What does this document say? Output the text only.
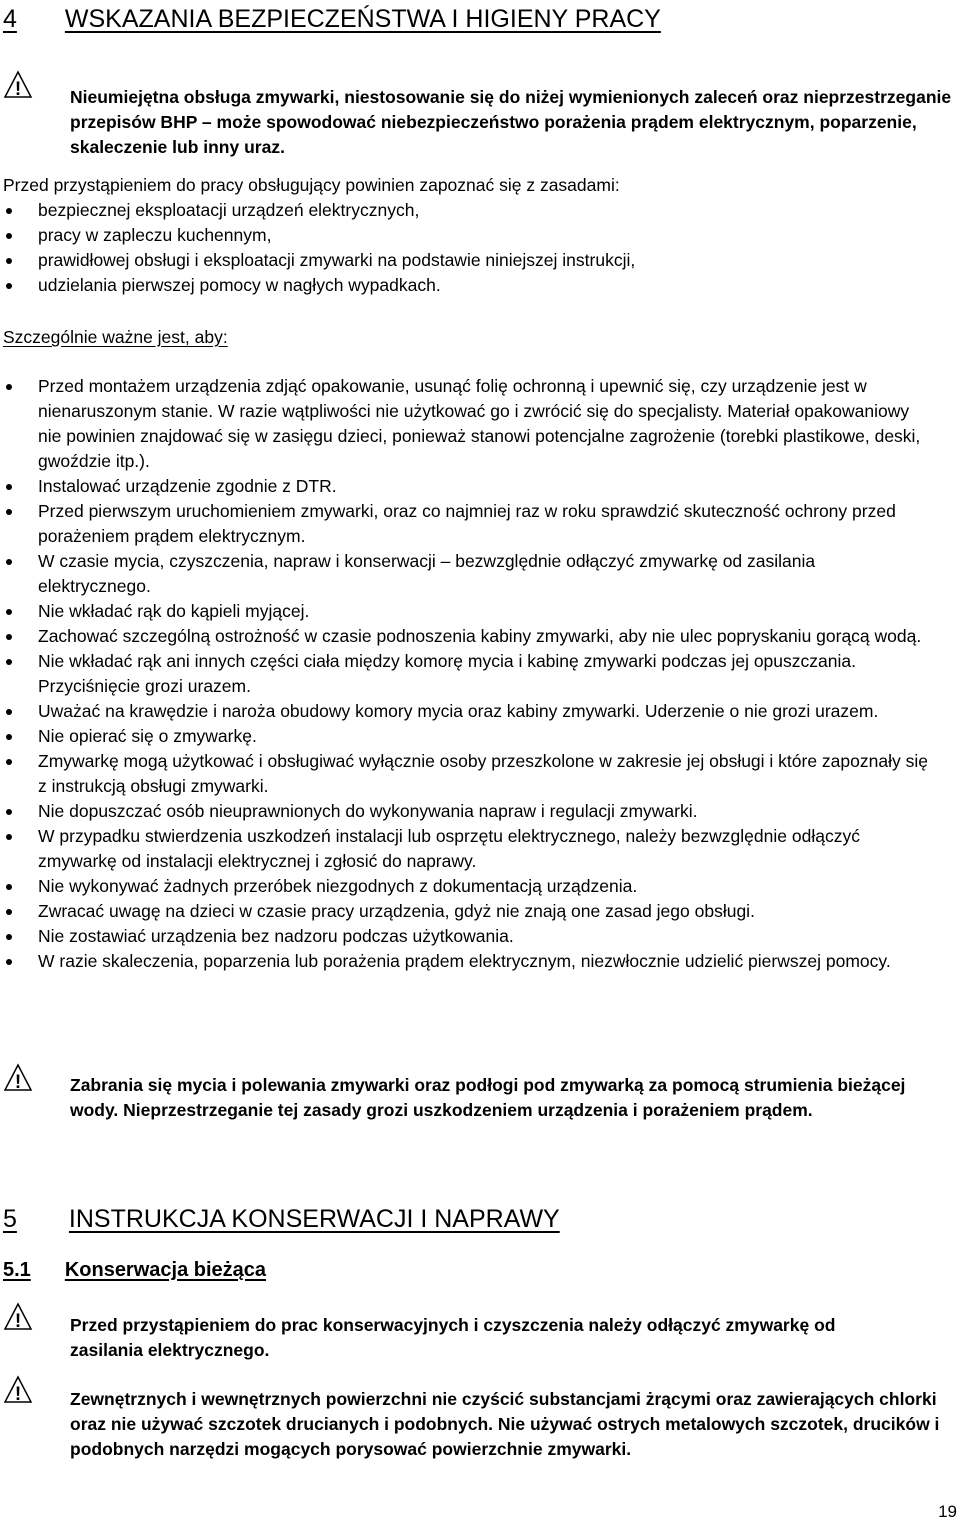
4 WSKAZANIA BEZPIECZEŃSTWA I HIGIENY PRACY
!	Nieumiejętna obsługa zmywarki, niestosowanie się do niżej wymienionych zaleceń oraz nieprzestrzeganie przepisów BHP – może spowodować niebezpieczeństwo porażenia prądem elektrycznym, poparzenie, skaleczenie lub inny uraz.
Przed przystąpieniem do pracy obsługujący powinien zapoznać się z zasadami:
bezpiecznej eksploatacji urządzeń elektrycznych,
pracy w zapleczu kuchennym,
prawidłowej obsługi i eksploatacji zmywarki na podstawie niniejszej instrukcji,
udzielania pierwszej pomocy w nagłych wypadkach.
Szczególnie ważne jest, aby:
Przed montażem urządzenia zdjąć opakowanie, usunąć folię ochronną i upewnić się, czy urządzenie jest w nienaruszonym stanie. W razie wątpliwości nie użytkować go i zwrócić się do specjalisty. Materiał opakowaniowy nie powinien znajdować się w zasięgu dzieci, ponieważ stanowi potencjalne zagrożenie (torebki plastikowe, deski, gwoździe itp.).
Instalować urządzenie zgodnie z DTR.
Przed pierwszym uruchomieniem zmywarki, oraz co najmniej raz w roku sprawdzić skuteczność ochrony przed porażeniem prądem elektrycznym.
W czasie mycia, czyszczenia, napraw i konserwacji – bezwzględnie odłączyć zmywarkę od zasilania elektrycznego.
Nie wkładać rąk do kąpieli myjącej.
Zachować szczególną ostrożność w czasie podnoszenia kabiny zmywarki, aby nie ulec popryskaniu gorącą wodą.
Nie wkładać rąk ani innych części ciała między komorę mycia i kabinę zmywarki podczas jej opuszczania. Przyciśnięcie grozi urazem.
Uważać na krawędzie i naroża obudowy komory mycia oraz kabiny zmywarki. Uderzenie o nie grozi urazem.
Nie opierać się o zmywarkę.
Zmywarkę mogą użytkować i obsługiwać wyłącznie osoby przeszkolone w zakresie jej obsługi i które zapoznały się z instrukcją obsługi zmywarki.
Nie dopuszczać osób nieuprawnionych do wykonywania napraw i regulacji zmywarki.
W przypadku stwierdzenia uszkodzeń instalacji lub osprzętu elektrycznego, należy bezwzględnie odłączyć zmywarkę od instalacji elektrycznej i zgłosić do naprawy.
Nie wykonywać żadnych przeróbek niezgodnych z dokumentacją urządzenia.
Zwracać uwagę na dzieci w czasie pracy urządzenia, gdyż nie znają one zasad jego obsługi.
Nie zostawiać urządzenia bez nadzoru podczas użytkowania.
W razie skaleczenia, poparzenia lub porażenia prądem elektrycznym, niezwłocznie udzielić pierwszej pomocy.
!	Zabrania się mycia i polewania zmywarki oraz podłogi pod zmywarką za pomocą strumienia bieżącej wody. Nieprzestrzeganie tej zasady grozi uszkodzeniem urządzenia i porażeniem prądem.
5 INSTRUKCJA KONSERWACJI I NAPRAWY
5.1 Konserwacja bieżąca
!	Przed przystąpieniem do prac konserwacyjnych i czyszczenia należy odłączyć zmywarkę od zasilania elektrycznego.
!	Zewnętrznych i wewnętrznych powierzchni nie czyścić substancjami żrącymi oraz zawierających chlorki oraz nie używać szczotek drucianych i podobnych. Nie używać ostrych metalowych szczotek, drucików i podobnych narzędzi mogących porysować powierzchnie zmywarki.
19
